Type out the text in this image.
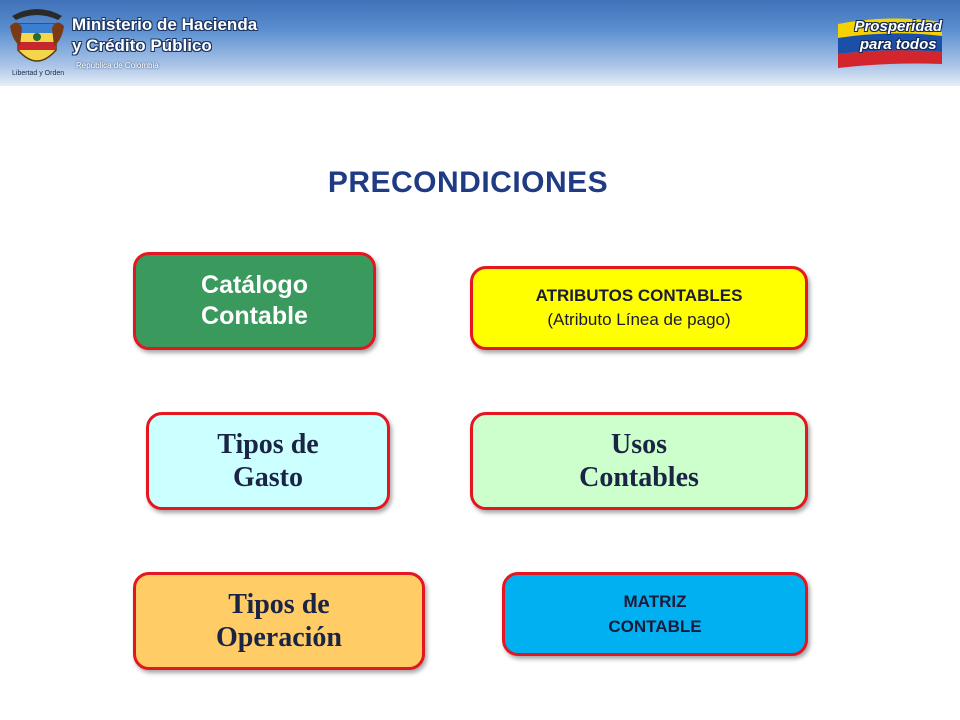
Libertad y Orden
Ministerio de Hacienda
y Crédito Público
República de Colombia
Prosperidad
para todos
PRECONDICIONES
Catálogo
Contable
ATRIBUTOS CONTABLES
(Atributo Línea de pago)
Tipos de
Gasto
Usos
Contables
Tipos de
Operación
MATRIZ
CONTABLE
